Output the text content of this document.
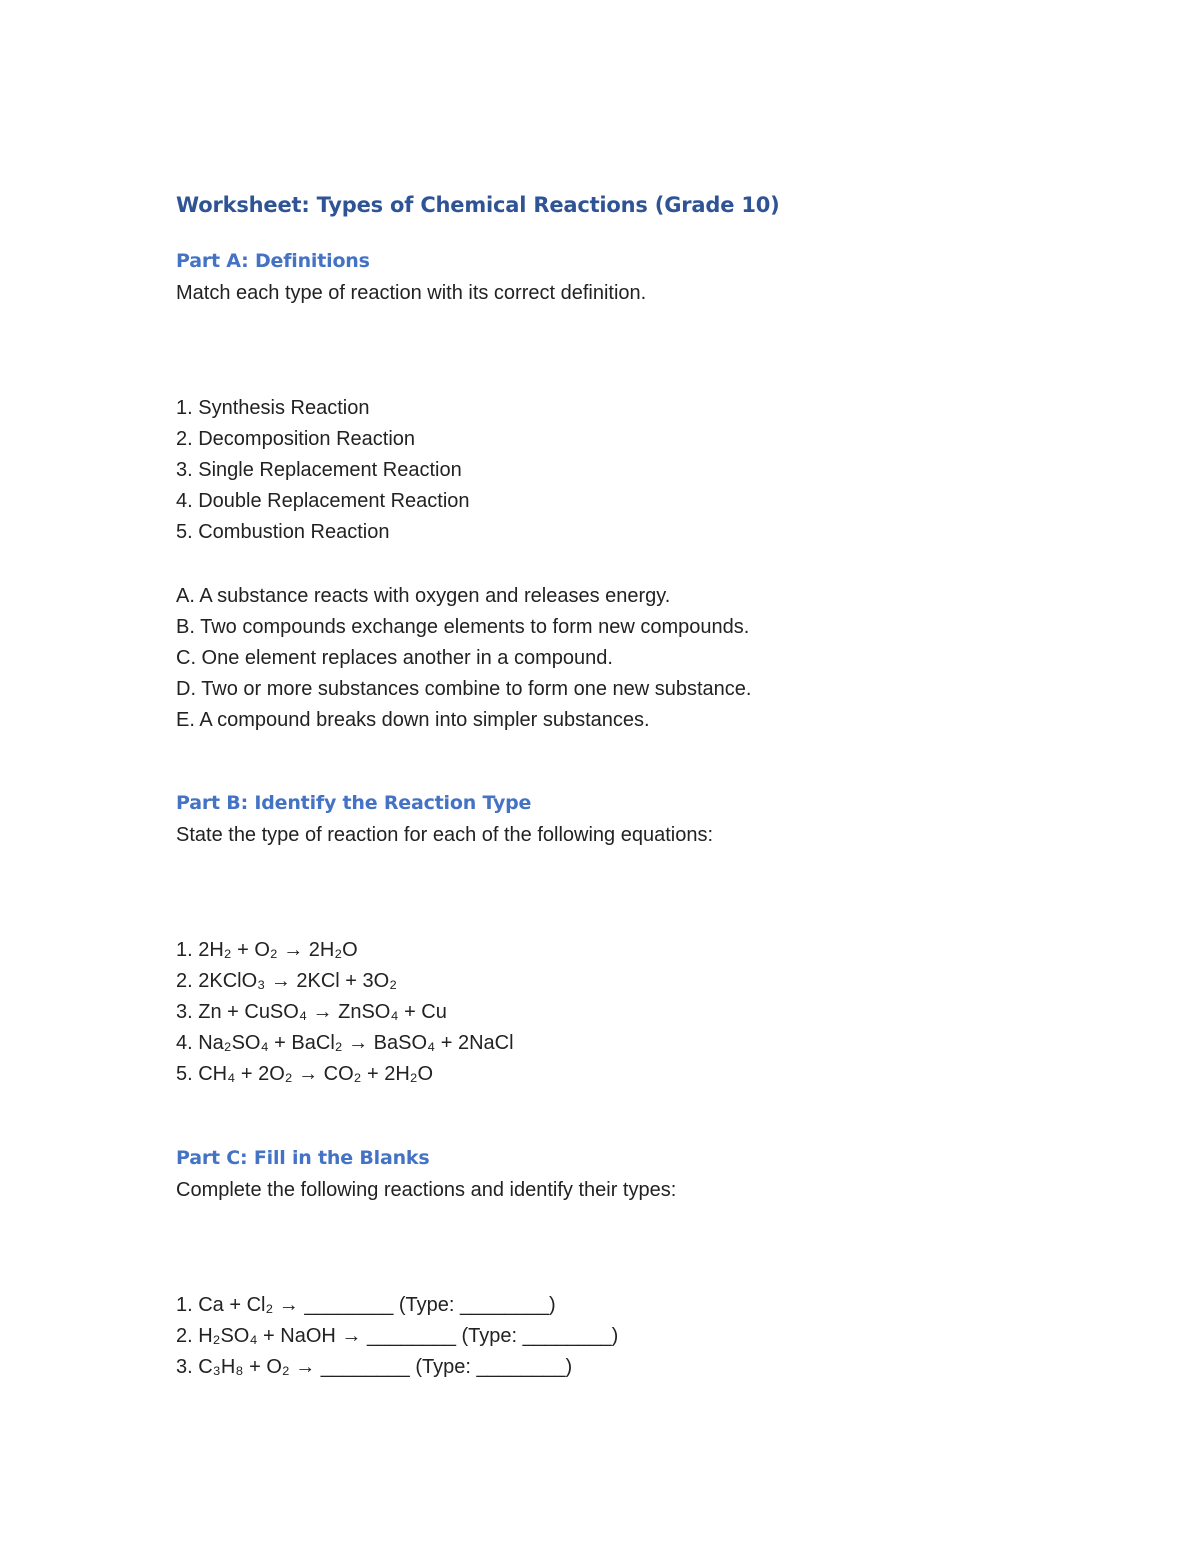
Worksheet: Types of Chemical Reactions (Grade 10)
Part A: Definitions

Match each type of reaction with its correct definition.

1. Synthesis Reaction
2. Decomposition Reaction
3. Single Replacement Reaction
4. Double Replacement Reaction
5. Combustion Reaction
A. A substance reacts with oxygen and releases energy.
B. Two compounds exchange elements to form new compounds.
C. One element replaces another in a compound.
D. Two or more substances combine to form one new substance.
E. A compound breaks down into simpler substances.
Part B: Identify the Reaction Type

State the type of reaction for each of the following equations:

1. 2H₂ + O₂ → 2H₂O
2. 2KClO₃ → 2KCl + 3O₂
3. Zn + CuSO₄ → ZnSO₄ + Cu
4. Na₂SO₄ + BaCl₂ → BaSO₄ + 2NaCl
5. CH₄ + 2O₂ → CO₂ + 2H₂O
Part C: Fill in the Blanks

Complete the following reactions and identify their types:

1. Ca + Cl₂ → ________ (Type: ________)
2. H₂SO₄ + NaOH → ________ (Type: ________)
3. C₃H₈ + O₂ → ________ (Type: ________)
